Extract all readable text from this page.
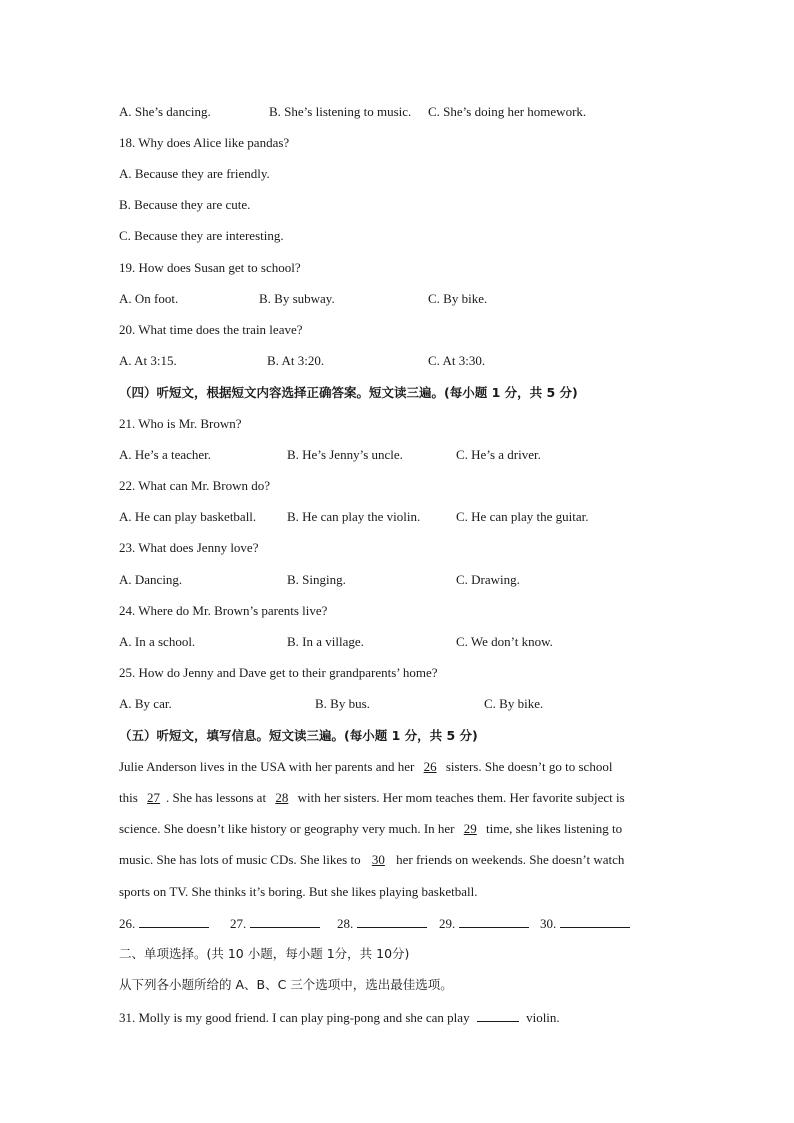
A. She’s dancing.	B. She’s listening to music. C. She’s doing her homework.
18. Why does Alice like pandas?
A. Because they are friendly.
B. Because they are cute.
C. Because they are interesting.
19. How does Susan get to school?
A. On foot.	B. By subway.	C. By bike.
20. What time does the train leave?
A. At 3:15.	B. At 3:20.	C. At 3:30.
（四）听短文，根据短文内容选择正确答案。短文读三遍。(每小题 1 分，共 5 分)
21. Who is Mr. Brown?
A. He’s a teacher.	B. He’s Jenny’s uncle.	C. He’s a driver.
22. What can Mr. Brown do?
A. He can play basketball. B. He can play the violin.	C. He can play the guitar.
23. What does Jenny love?
A. Dancing.	B. Singing.	C. Drawing.
24. Where do Mr. Brown’s parents live?
A. In a school.	B. In a village.	C. We don’t know.
25. How do Jenny and Dave get to their grandparents’ home?
A. By car.	B. By bus.	C. By bike.
（五）听短文，填写信息。短文读三遍。(每小题 1 分，共 5 分)
Julie Anderson lives in the USA with her parents and her 26 sisters. She doesn’t go to school
this 27 . She has lessons at 28 with her sisters. Her mom teaches them. Her favorite subject is
science. She doesn’t like history or geography very much. In her 29 time, she likes listening to
music. She has lots of music CDs. She likes to 30 her friends on weekends. She doesn’t watch
sports on TV. She thinks it’s boring. But she likes playing basketball.
26.	27.	28.	29.	30.
二、单项选择。(共 10 小题，每小题 1分，共 10分)
从下列各小题所给的 A、B、C 三个选项中，选出最佳选项。
31. Molly is my good friend. I can play ping-pong and she can play	violin.
